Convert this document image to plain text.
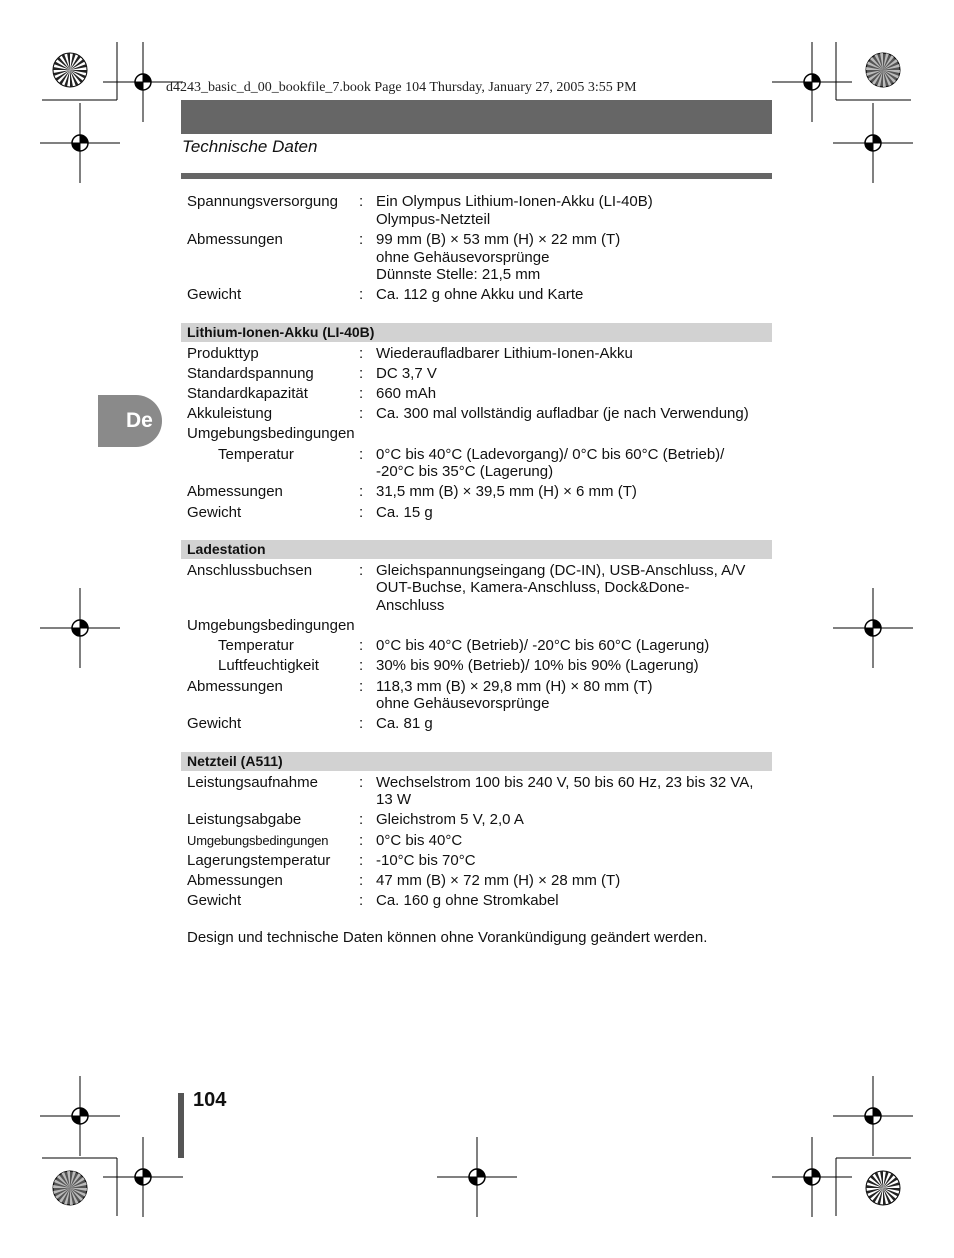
d4243_basic_d_00_bookfile_7.book Page 104 Thursday, January 27, 2005 3:55 PM
Technische Daten
De
Spannungsversorgung	: Ein Olympus Lithium-Ionen-Akku (LI-40B)
Olympus-Netzteil
Abmessungen	: 99 mm (B) × 53 mm (H) × 22 mm (T)
ohne Gehäusevorsprünge
Dünnste Stelle: 21,5 mm
Gewicht	: Ca. 112 g ohne Akku und Karte
Lithium-Ionen-Akku (LI-40B)
Produkttyp	: Wiederaufladbarer Lithium-Ionen-Akku
Standardspannung	: DC 3,7 V
Standardkapazität	: 660 mAh
Akkuleistung	: Ca. 300 mal vollständig aufladbar (je nach Verwendung)
Umgebungsbedingungen
Temperatur	: 0°C bis 40°C (Ladevorgang)/ 0°C bis 60°C (Betrieb)/
-20°C bis 35°C (Lagerung)
Abmessungen	: 31,5 mm (B) × 39,5 mm (H) × 6 mm (T)
Gewicht	: Ca. 15 g
Ladestation
Anschlussbuchsen	: Gleichspannungseingang (DC-IN), USB-Anschluss, A/V
OUT-Buchse, Kamera-Anschluss, Dock&Done-
Anschluss
Umgebungsbedingungen
Temperatur	: 0°C bis 40°C (Betrieb)/ -20°C bis 60°C (Lagerung)
Luftfeuchtigkeit	: 30% bis 90% (Betrieb)/ 10% bis 90% (Lagerung)
Abmessungen	: 118,3 mm (B) × 29,8 mm (H) × 80 mm (T)
ohne Gehäusevorsprünge
Gewicht	: Ca. 81 g
Netzteil (A511)
Leistungsaufnahme	: Wechselstrom 100 bis 240 V, 50 bis 60 Hz, 23 bis 32 VA,
13 W
Leistungsabgabe	: Gleichstrom 5 V, 2,0 A
Umgebungsbedingungen	: 0°C bis 40°C
Lagerungstemperatur	: -10°C bis 70°C
Abmessungen	: 47 mm (B) × 72 mm (H) × 28 mm (T)
Gewicht	: Ca. 160 g ohne Stromkabel
Design und technische Daten können ohne Vorankündigung geändert werden.
104
